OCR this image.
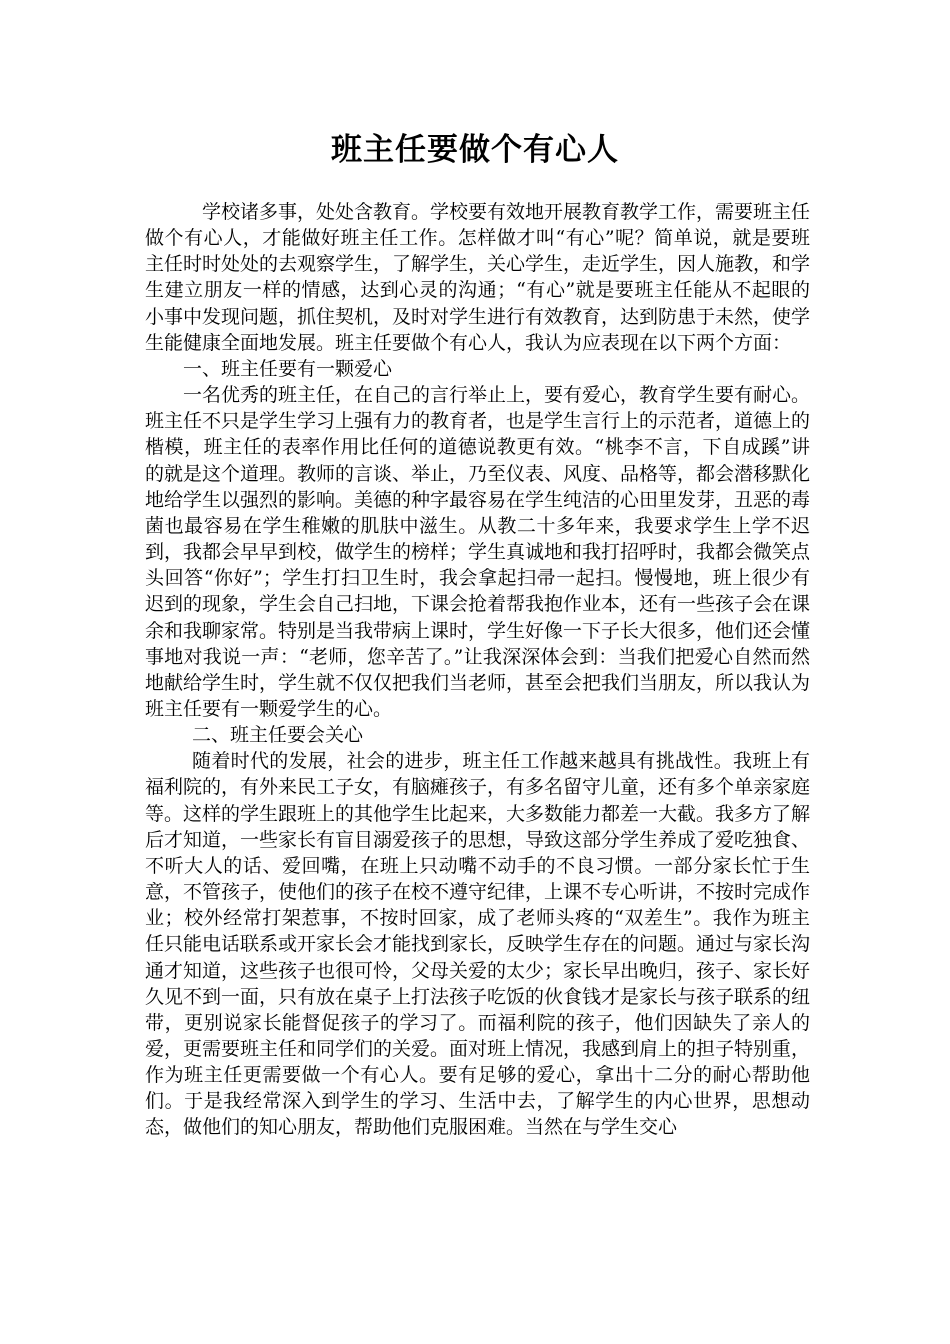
班主任要做个有心人

学校诸多事，处处含教育。学校要有效地开展教育教学工作，需要班主任做个有心人，才能做好班主任工作。怎样做才叫“有心”呢？简单说，就是要班主任时时处处的去观察学生，了解学生，关心学生，走近学生，因人施教，和学生建立朋友一样的情感，达到心灵的沟通；“有心”就是要班主任能从不起眼的小事中发现问题，抓住契机，及时对学生进行有效教育，达到防患于未然，使学生能健康全面地发展。班主任要做个有心人，我认为应表现在以下两个方面：

一、班主任要有一颗爱心

一名优秀的班主任，在自己的言行举止上，要有爱心，教育学生要有耐心。班主任不只是学生学习上强有力的教育者，也是学生言行上的示范者，道德上的楷模，班主任的表率作用比任何的道德说教更有效。“桃李不言，下自成蹊”讲的就是这个道理。教师的言谈、举止，乃至仪表、风度、品格等，都会潜移默化地给学生以强烈的影响。美德的种字最容易在学生纯洁的心田里发芽，丑恶的毒菌也最容易在学生稚嫩的肌肤中滋生。从教二十多年来，我要求学生上学不迟到，我都会早早到校，做学生的榜样；学生真诚地和我打招呼时，我都会微笑点头回答“你好”；学生打扫卫生时，我会拿起扫帚一起扫。慢慢地，班上很少有迟到的现象，学生会自己扫地，下课会抢着帮我抱作业本，还有一些孩子会在课余和我聊家常。特别是当我带病上课时，学生好像一下子长大很多，他们还会懂事地对我说一声：“老师，您辛苦了。”让我深深体会到：当我们把爱心自然而然地献给学生时，学生就不仅仅把我们当老师，甚至会把我们当朋友，所以我认为班主任要有一颗爱学生的心。

二、班主任要会关心

随着时代的发展，社会的进步，班主任工作越来越具有挑战性。我班上有福利院的，有外来民工子女，有脑瘫孩子，有多名留守儿童，还有多个单亲家庭等。这样的学生跟班上的其他学生比起来，大多数能力都差一大截。我多方了解后才知道，一些家长有盲目溺爱孩子的思想，导致这部分学生养成了爱吃独食、不听大人的话、爱回嘴，在班上只动嘴不动手的不良习惯。一部分家长忙于生意，不管孩子，使他们的孩子在校不遵守纪律，上课不专心听讲，不按时完成作业；校外经常打架惹事，不按时回家，成了老师头疼的“双差生”。我作为班主任只能电话联系或开家长会才能找到家长，反映学生存在的问题。通过与家长沟通才知道，这些孩子也很可怜，父母关爱的太少；家长早出晚归，孩子、家长好久见不到一面，只有放在桌子上打法孩子吃饭的伙食钱才是家长与孩子联系的纽带，更别说家长能督促孩子的学习了。而福利院的孩子，他们因缺失了亲人的爱，更需要班主任和同学们的关爱。面对班上情况，我感到肩上的担子特别重，作为班主任更需要做一个有心人。要有足够的爱心，拿出十二分的耐心帮助他们。于是我经常深入到学生的学习、生活中去，了解学生的内心世界，思想动态，做他们的知心朋友，帮助他们克服困难。当然在与学生交心
